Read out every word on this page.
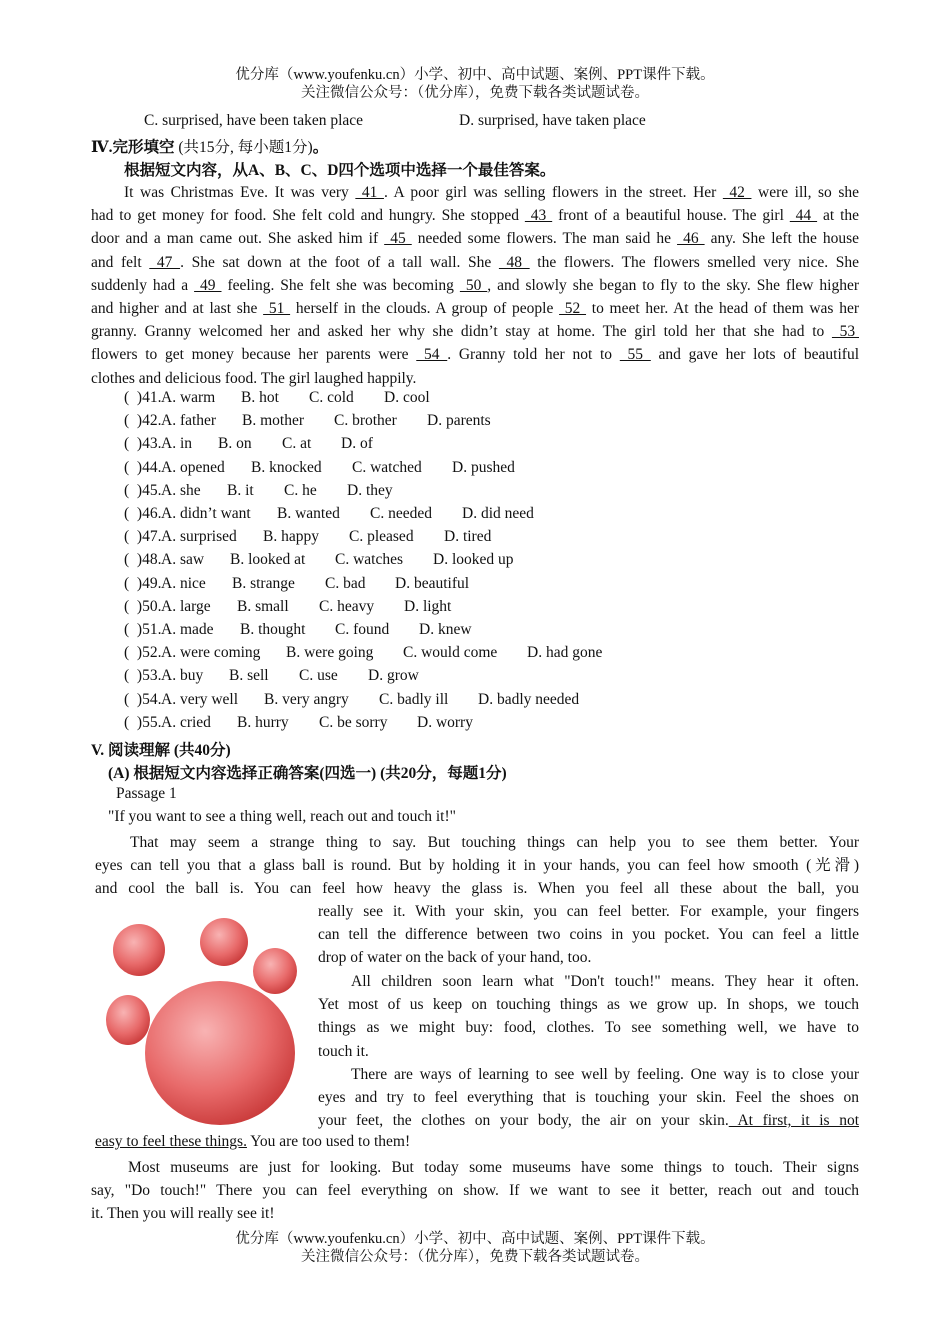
优分库（www.youfenku.cn）小学、初中、高中试题、案例、PPT课件下载。
关注微信公众号：（优分库），免费下载各类试题试卷。
C. surprised, have been taken place	D. surprised, have taken place
Ⅳ.完形填空 (共15分, 每小题1分)。
根据短文内容，从A、B、C、D四个选项中选择一个最佳答案。
It was Christmas Eve. It was very  41 . A poor girl was selling flowers in the street. Her  42  were ill, so she
had to get money for food. She felt cold and hungry. She stopped  43  front of a beautiful house. The girl  44  at the
door and a man came out. She asked him if  45  needed some flowers. The man said he  46  any. She left the house
and felt  47 . She sat down at the foot of a tall wall. She  48  the flowers. The flowers smelled very nice. She
suddenly had a  49  feeling. She felt she was becoming  50 , and slowly she began to fly to the sky. She flew higher
and higher and at last she  51  herself in the clouds. A group of people  52  to meet her. At the head of them was her
granny. Granny welcomed her and asked her why she didn’t stay at home. The girl told her that she had to  53
flowers to get money because her parents were  54 . Granny told her not to  55  and gave her lots of beautiful
clothes and delicious food. The girl laughed happily.
(  )41. A. warm B. hot C. cold D. cool
(  )42. A. father B. mother C. brother D. parents
(  )43. A. in B. on C. at D. of
(  )44. A. opened B. knocked C. watched D. pushed
(  )45. A. she B. it C. he D. they
(  )46. A. didn’t want B. wanted C. needed D. did need
(  )47. A. surprised B. happy C. pleased D. tired
(  )48. A. saw B. looked at C. watches D. looked up
(  )49. A. nice B. strange C. bad D. beautiful
(  )50. A. large B. small C. heavy D. light
(  )51. A. made B. thought C. found D. knew
(  )52. A. were coming B. were going C. would come D. had gone
(  )53. A. buy B. sell C. use D. grow
(  )54. A. very well B. very angry C. badly ill D. badly needed
(  )55. A. cried B. hurry C. be sorry D. worry
V. 阅读理解 (共40分)
(A) 根据短文内容选择正确答案(四选一) (共20分，每题1分)
Passage 1
"If you want to see a thing well, reach out and touch it!"
That may seem a strange thing to say. But touching things can help you to see them better. Your
eyes can tell you that a glass ball is round. But by holding it in your hands, you can feel how smooth (光滑)
and cool the ball is. You can feel how heavy the glass is. When you feel all these about the ball, you
really see it. With your skin, you can feel better. For example, your fingers
can tell the difference between two coins in you pocket. You can feel a little
drop of water on the back of your hand, too.
All children soon learn what "Don't touch!" means. They hear it often.
Yet most of us keep on touching things as we grow up. In shops, we touch
things as we might buy: food, clothes. To see something well, we have to
touch it.
There are ways of learning to see well by feeling. One way is to close your
eyes and try to feel everything that is touching your skin. Feel the shoes on
your feet, the clothes on your body, the air on your skin. At first, it is not
easy to feel these things. You are too used to them!
Most museums are just for looking. But today some museums have some things to touch. Their signs
say, "Do touch!" There you can feel everything on show. If we want to see it better, reach out and touch
it. Then you will really see it!
优分库（www.youfenku.cn）小学、初中、高中试题、案例、PPT课件下载。
关注微信公众号：（优分库），免费下载各类试题试卷。
